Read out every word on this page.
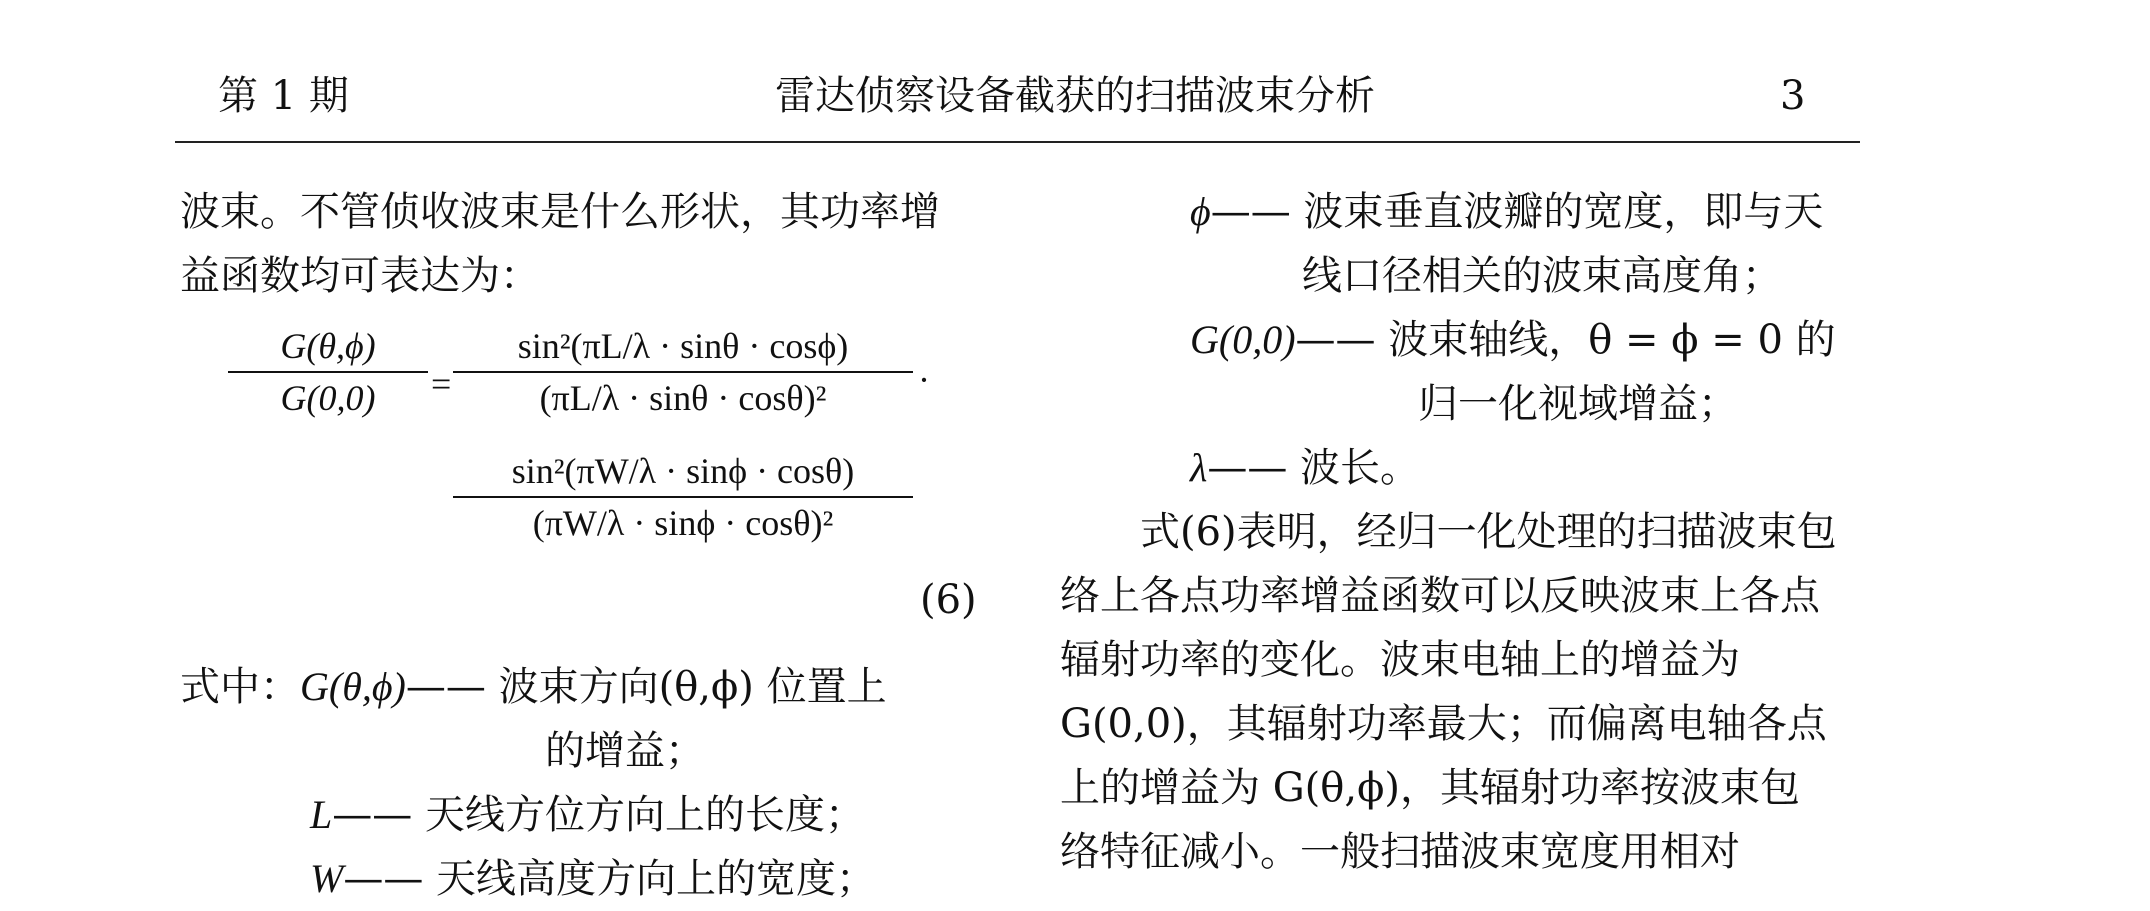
第 1 期	雷达侦察设备截获的扫描波束分析	3
波束。不管侦收波束是什么形状，其功率增
益函数均可表达为：
G(θ,ϕ)
G(0,0)	=
sin²(πL/λ · sinθ · cosϕ)
(πL/λ · sinθ · cosθ)²	·
sin²(πW/λ · sinϕ · cosθ)
(πW/λ · sinϕ · cosθ)²
(6)
式中：G(θ,ϕ)—— 波束方向(θ,ϕ) 位置上
的增益；
L—— 天线方位方向上的长度；
W—— 天线高度方向上的宽度；
ϕ—— 波束垂直波瓣的宽度，即与天
线口径相关的波束高度角；
G(0,0)—— 波束轴线，θ = ϕ = 0 的
归一化视域增益；
λ—— 波长。
式(6)表明，经归一化处理的扫描波束包
络上各点功率增益函数可以反映波束上各点
辐射功率的变化。波束电轴上的增益为
G(0,0)，其辐射功率最大；而偏离电轴各点
上的增益为 G(θ,ϕ)，其辐射功率按波束包
络特征减小。一般扫描波束宽度用相对
